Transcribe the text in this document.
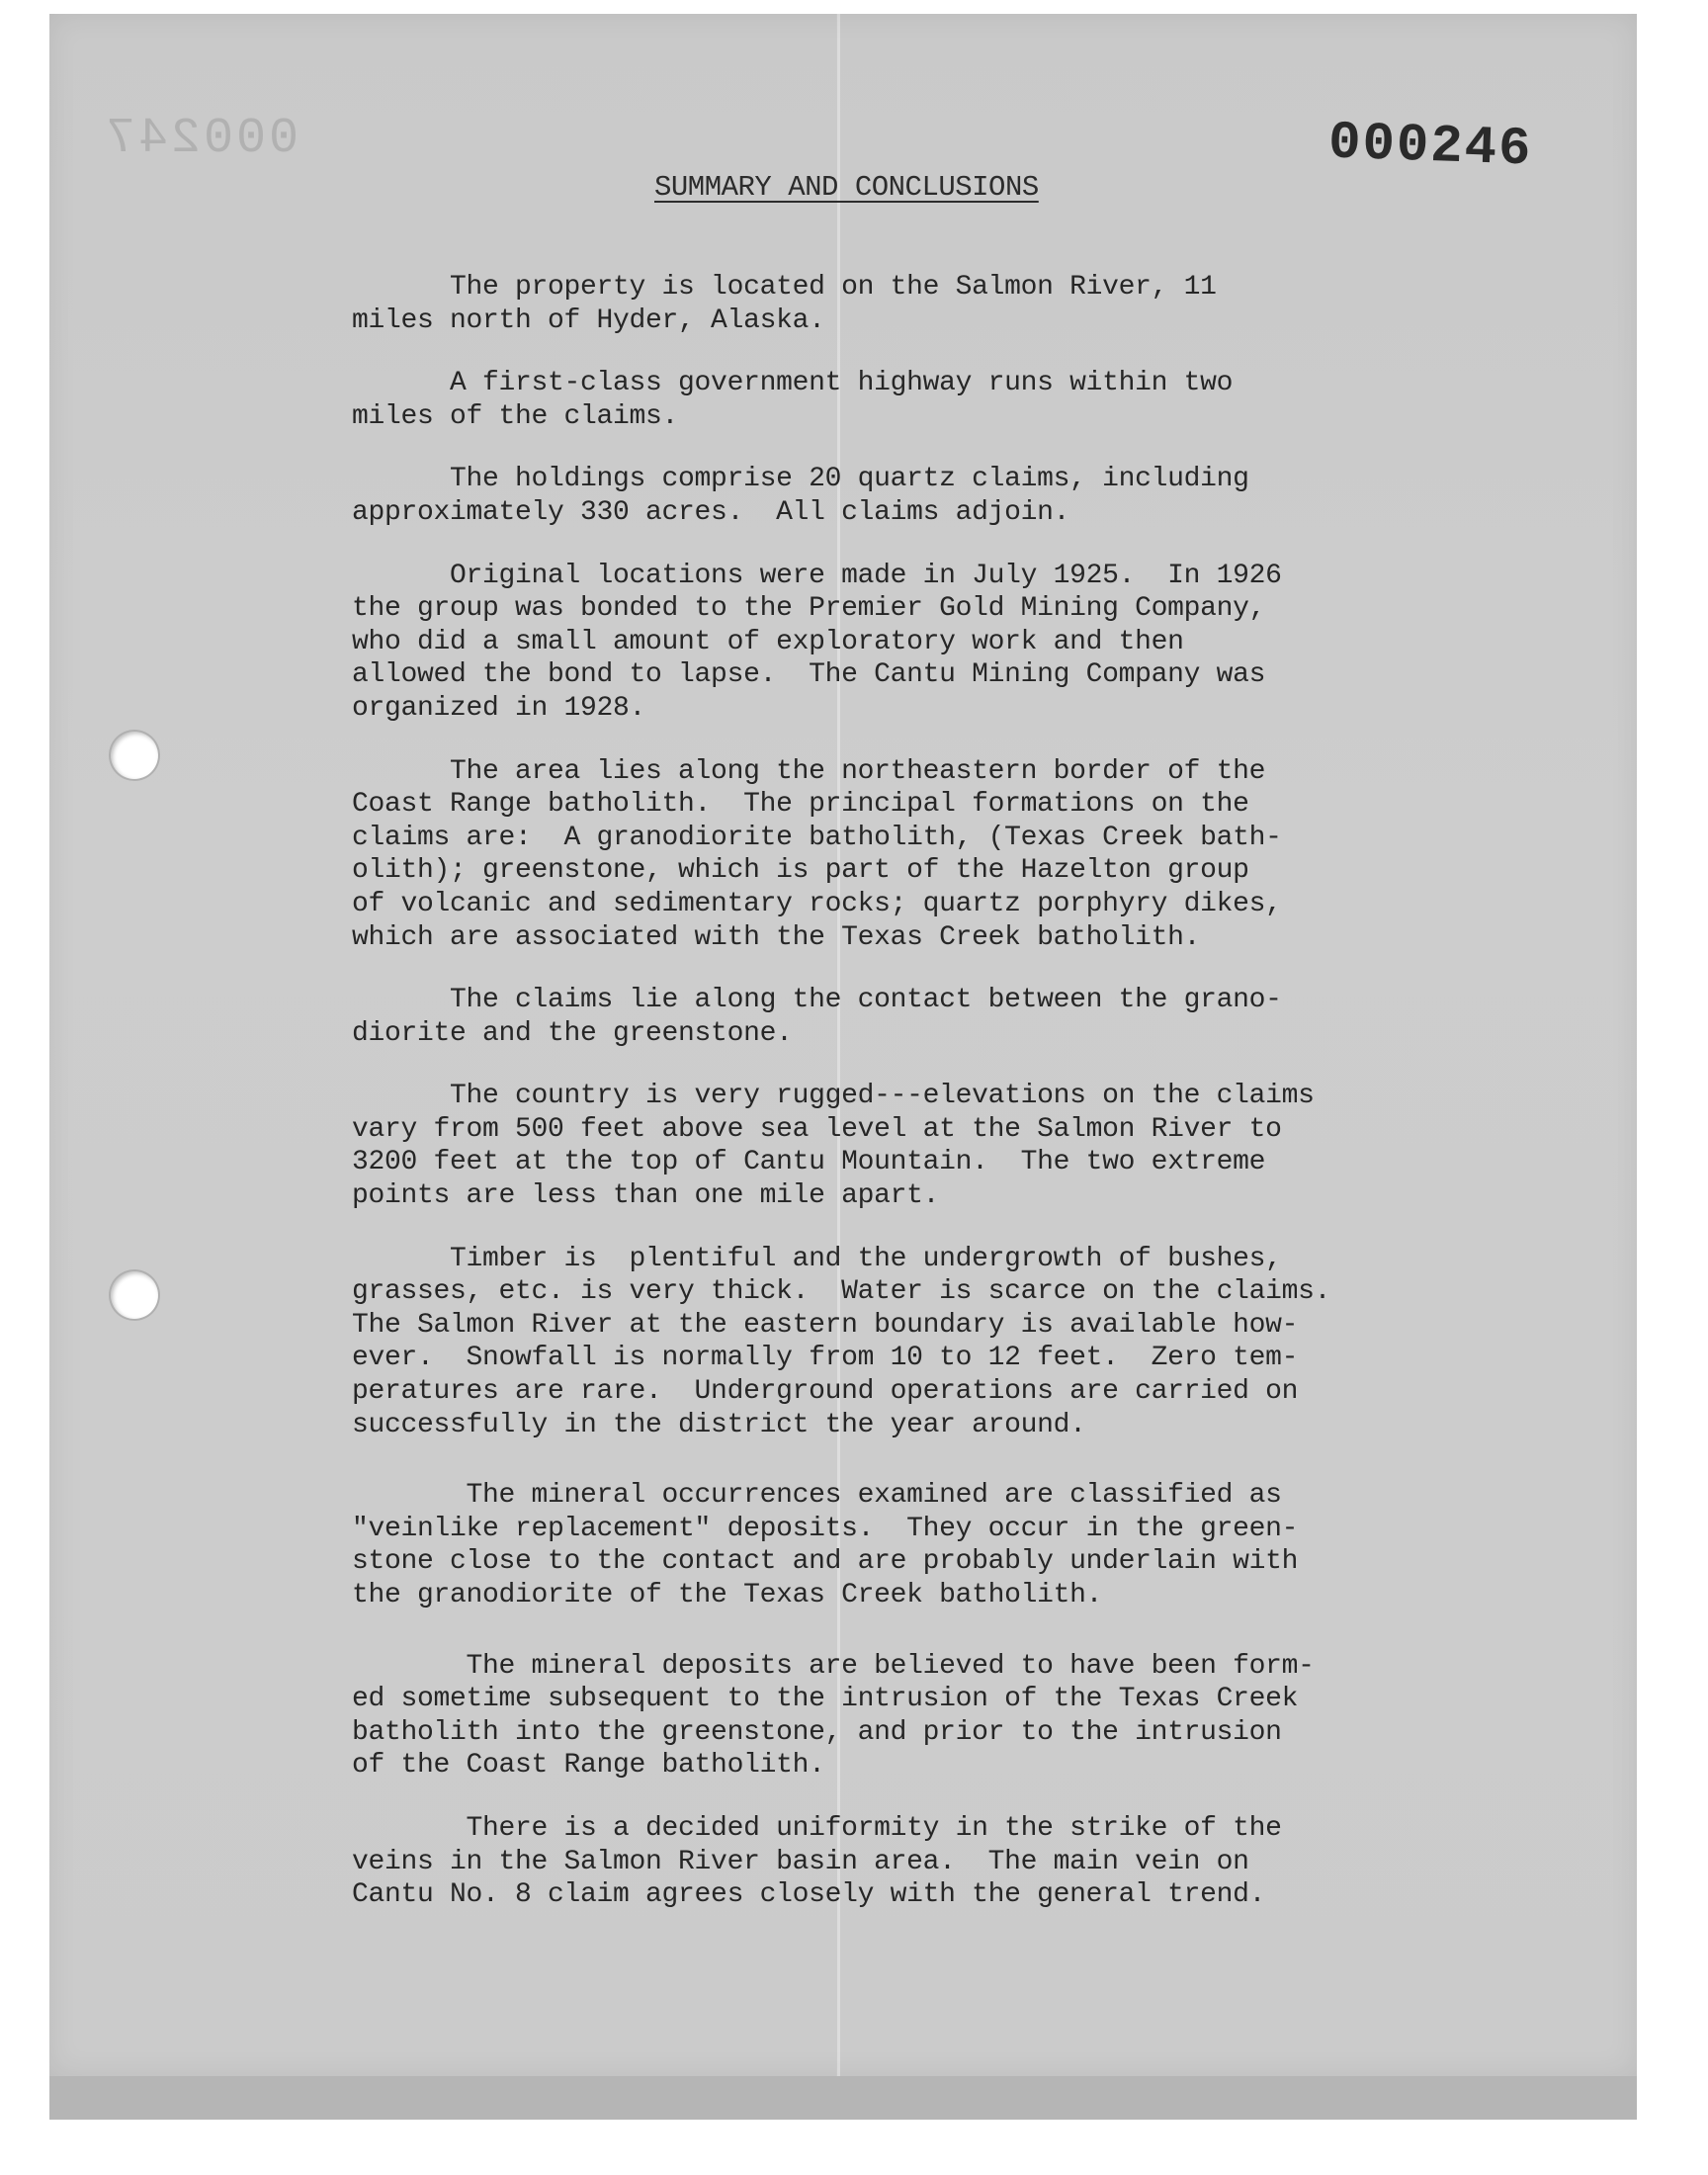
000247	000246
SUMMARY AND CONCLUSIONS

The property is located on the Salmon River, 11
miles north of Hyder, Alaska.

A first-class government highway runs within two
miles of the claims.

The holdings comprise 20 quartz claims, including
approximately 330 acres.  All claims adjoin.

Original locations were made in July 1925.  In 1926
the group was bonded to the Premier Gold Mining Company,
who did a small amount of exploratory work and then
allowed the bond to lapse.  The Cantu Mining Company was
organized in 1928.

The area lies along the northeastern border of the
Coast Range batholith.  The principal formations on the
claims are:  A granodiorite batholith, (Texas Creek bath-
olith); greenstone, which is part of the Hazelton group
of volcanic and sedimentary rocks; quartz porphyry dikes,
which are associated with the Texas Creek batholith.

The claims lie along the contact between the grano-
diorite and the greenstone.

The country is very rugged---elevations on the claims
vary from 500 feet above sea level at the Salmon River to
3200 feet at the top of Cantu Mountain.  The two extreme
points are less than one mile apart.

Timber is  plentiful and the undergrowth of bushes,
grasses, etc. is very thick.  Water is scarce on the claims.
The Salmon River at the eastern boundary is available how-
ever.  Snowfall is normally from 10 to 12 feet.  Zero tem-
peratures are rare.  Underground operations are carried on
successfully in the district the year around.

The mineral occurrences examined are classified as
"veinlike replacement" deposits.  They occur in the green-
stone close to the contact and are probably underlain with
the granodiorite of the Texas Creek batholith.

The mineral deposits are believed to have been form-
ed sometime subsequent to the intrusion of the Texas Creek
batholith into the greenstone, and prior to the intrusion
of the Coast Range batholith.

There is a decided uniformity in the strike of the
veins in the Salmon River basin area.  The main vein on
Cantu No. 8 claim agrees closely with the general trend.
